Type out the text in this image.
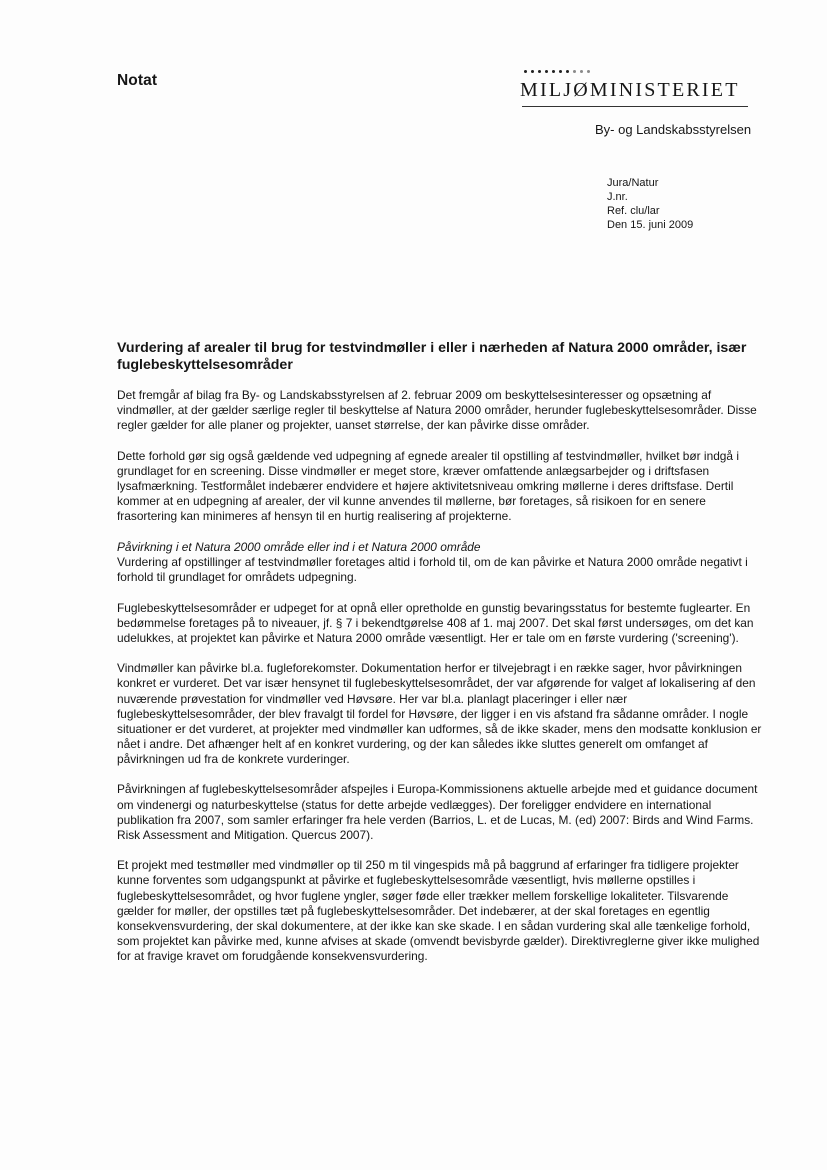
Notat	MILJØMINISTERIET
By- og Landskabsstyrelsen
Jura/Natur
J.nr.
Ref. clu/lar
Den 15. juni 2009
Vurdering af arealer til brug for testvindmøller i eller i nærheden af Natura 2000 områder, især fuglebeskyttelsesområder
Det fremgår af bilag fra By- og Landskabsstyrelsen af 2. februar 2009 om beskyttelsesinteresser og opsætning af vindmøller, at der gælder særlige regler til beskyttelse af Natura 2000 områder, herunder fuglebeskyttelsesområder. Disse regler gælder for alle planer og projekter, uanset størrelse, der kan påvirke disse områder.
Dette forhold gør sig også gældende ved udpegning af egnede arealer til opstilling af testvindmøller, hvilket bør indgå i grundlaget for en screening. Disse vindmøller er meget store, kræver omfattende anlægsarbejder og i driftsfasen lysafmærkning. Testformålet indebærer endvidere et højere aktivitetsniveau omkring møllerne i deres driftsfase. Dertil kommer at en udpegning af arealer, der vil kunne anvendes til møllerne, bør foretages, så risikoen for en senere frasortering kan minimeres af hensyn til en hurtig realisering af projekterne.
Påvirkning i et Natura 2000 område eller ind i et Natura 2000 område
Vurdering af opstillinger af testvindmøller foretages altid i forhold til, om de kan påvirke et Natura 2000 område negativt i forhold til grundlaget for områdets udpegning.
Fuglebeskyttelsesområder er udpeget for at opnå eller opretholde en gunstig bevaringsstatus for bestemte fuglearter. En bedømmelse foretages på to niveauer, jf. § 7 i bekendtgørelse 408 af 1. maj 2007. Det skal først undersøges, om det kan udelukkes, at projektet kan påvirke et Natura 2000 område væsentligt. Her er tale om en første vurdering ('screening').
Vindmøller kan påvirke bl.a. fugleforekomster. Dokumentation herfor er tilvejebragt i en række sager, hvor påvirkningen konkret er vurderet. Det var især hensynet til fuglebeskyttelsesområdet, der var afgørende for valget af lokalisering af den nuværende prøvestation for vindmøller ved Høvsøre. Her var bl.a. planlagt placeringer i eller nær fuglebeskyttelsesområder, der blev fravalgt til fordel for Høvsøre, der ligger i en vis afstand fra sådanne områder. I nogle situationer er det vurderet, at projekter med vindmøller kan udformes, så de ikke skader, mens den modsatte konklusion er nået i andre. Det afhænger helt af en konkret vurdering, og der kan således ikke sluttes generelt om omfanget af påvirkningen ud fra de konkrete vurderinger.
Påvirkningen af fuglebeskyttelsesområder afspejles i Europa-Kommissionens aktuelle arbejde med et guidance document om vindenergi og naturbeskyttelse (status for dette arbejde vedlægges). Der foreligger endvidere en international publikation fra 2007, som samler erfaringer fra hele verden (Barrios, L. et de Lucas, M. (ed) 2007: Birds and Wind Farms. Risk Assessment and Mitigation. Quercus 2007).
Et projekt med testmøller med vindmøller op til 250 m til vingespids må på baggrund af erfaringer fra tidligere projekter kunne forventes som udgangspunkt at påvirke et fuglebeskyttelsesområde væsentligt, hvis møllerne opstilles i fuglebeskyttelsesområdet, og hvor fuglene yngler, søger føde eller trækker mellem forskellige lokaliteter. Tilsvarende gælder for møller, der opstilles tæt på fuglebeskyttelsesområder. Det indebærer, at der skal foretages en egentlig konsekvensvurdering, der skal dokumentere, at der ikke kan ske skade. I en sådan vurdering skal alle tænkelige forhold, som projektet kan påvirke med, kunne afvises at skade (omvendt bevisbyrde gælder). Direktivreglerne giver ikke mulighed for at fravige kravet om forudgående konsekvensvurdering.
